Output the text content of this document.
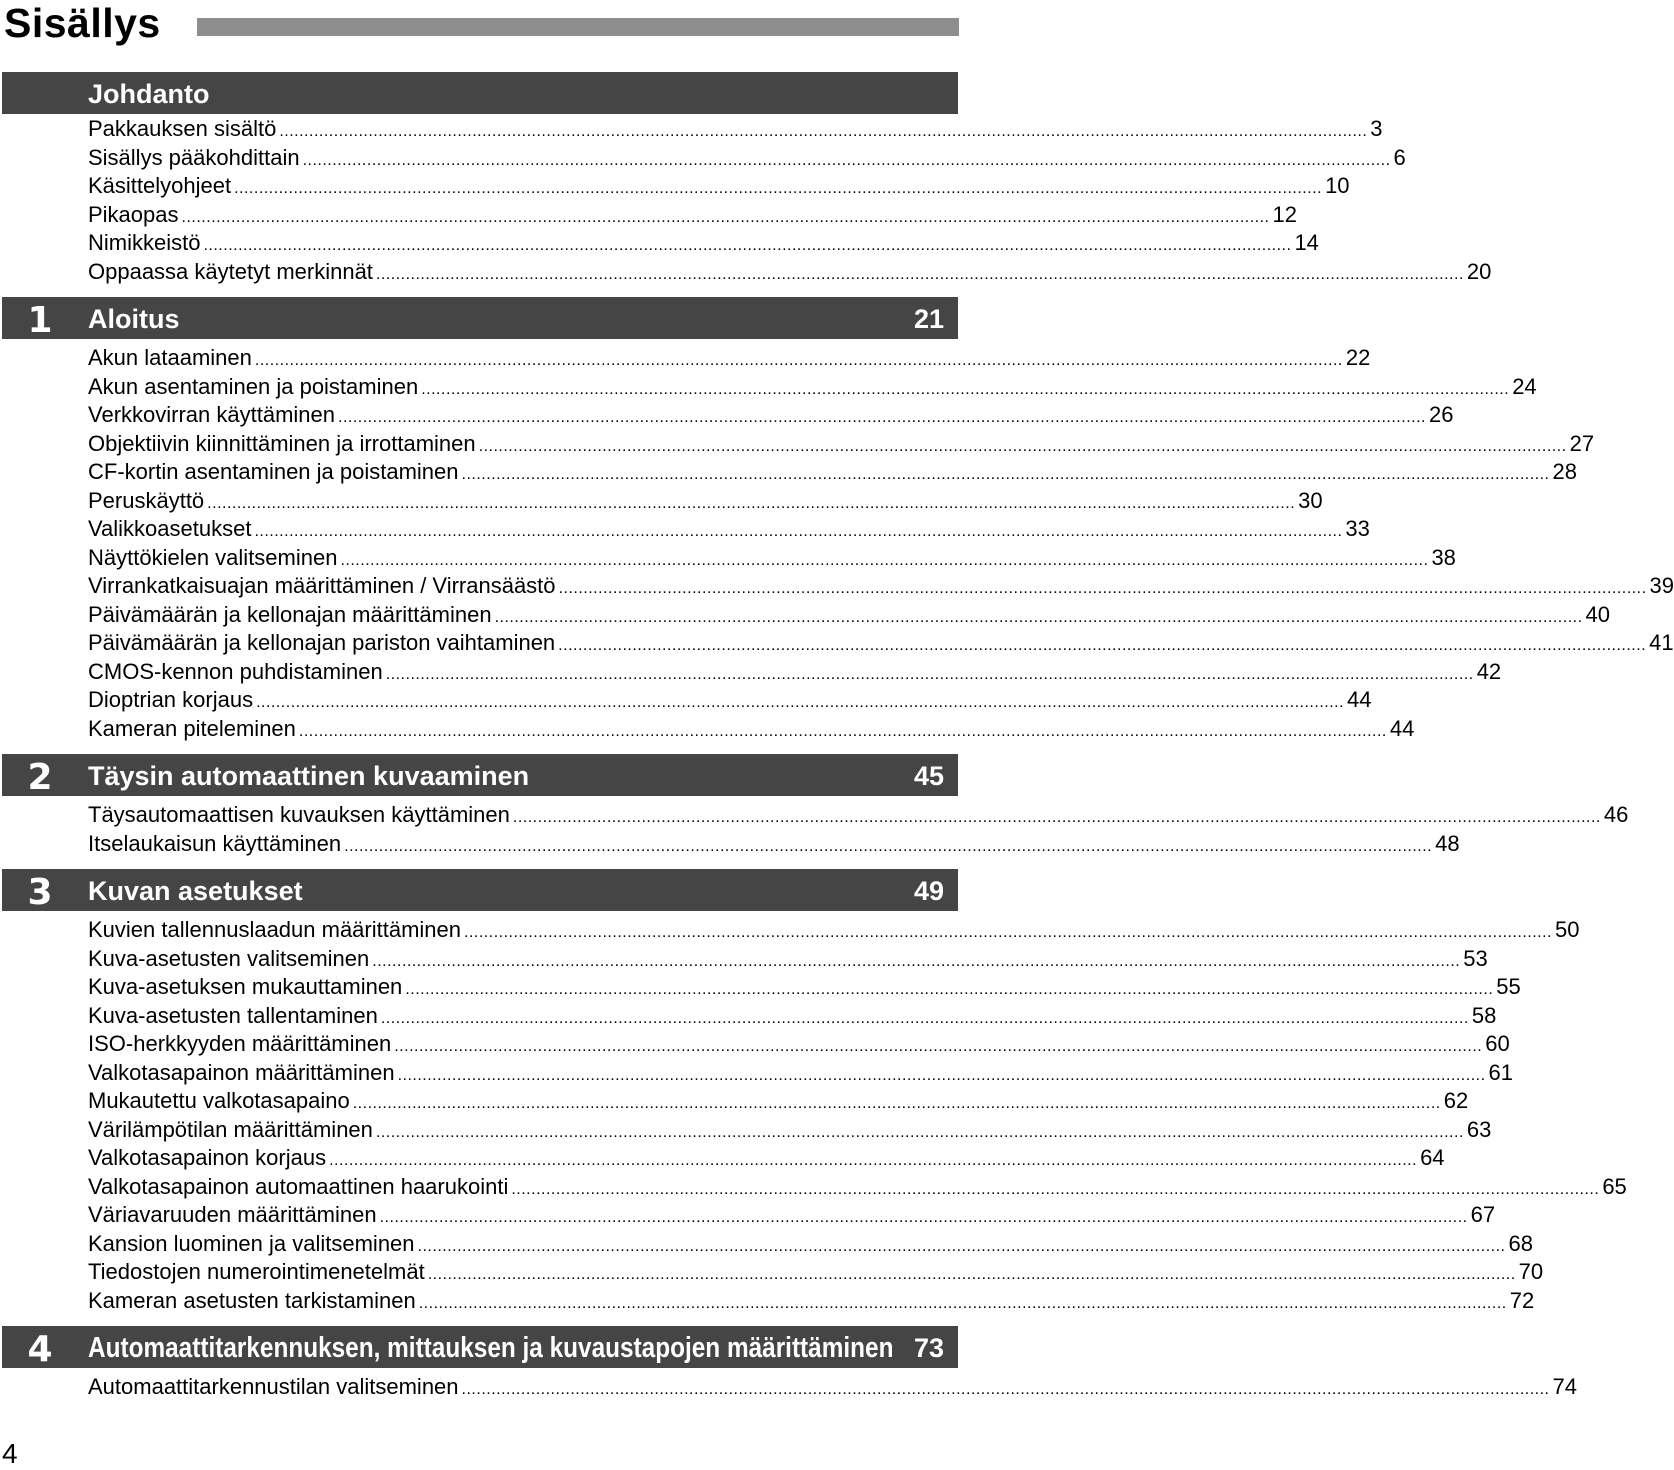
Sisällys
Johdanto
Pakkauksen sisältö ............................................................................................................................................................................................................................ 3
Sisällys pääkohdittain ............................................................................................................................................................................................................................ 6
Käsittelyohjeet ............................................................................................................................................................................................................................ 10
Pikaopas ............................................................................................................................................................................................................................ 12
Nimikkeistö ............................................................................................................................................................................................................................ 14
Oppaassa käytetyt merkinnät ............................................................................................................................................................................................................................ 20
1 Aloitus	21
Akun lataaminen ............................................................................................................................................................................................................................ 22
Akun asentaminen ja poistaminen ............................................................................................................................................................................................................................ 24
Verkkovirran käyttäminen ............................................................................................................................................................................................................................ 26
Objektiivin kiinnittäminen ja irrottaminen ............................................................................................................................................................................................................................ 27
CF-kortin asentaminen ja poistaminen ............................................................................................................................................................................................................................ 28
Peruskäyttö ............................................................................................................................................................................................................................ 30
Valikkoasetukset ............................................................................................................................................................................................................................ 33
Näyttökielen valitseminen ............................................................................................................................................................................................................................ 38
Virrankatkaisuajan määrittäminen / Virransäästö ............................................................................................................................................................................................................................ 39
Päivämäärän ja kellonajan määrittäminen ............................................................................................................................................................................................................................ 40
Päivämäärän ja kellonajan pariston vaihtaminen ............................................................................................................................................................................................................................ 41
CMOS-kennon puhdistaminen ............................................................................................................................................................................................................................ 42
Dioptrian korjaus ............................................................................................................................................................................................................................ 44
Kameran piteleminen ............................................................................................................................................................................................................................ 44
2 Täysin automaattinen kuvaaminen	45
Täysautomaattisen kuvauksen käyttäminen ............................................................................................................................................................................................................................ 46
Itselaukaisun käyttäminen ............................................................................................................................................................................................................................ 48
3 Kuvan asetukset	49
Kuvien tallennuslaadun määrittäminen ............................................................................................................................................................................................................................ 50
Kuva-asetusten valitseminen ............................................................................................................................................................................................................................ 53
Kuva-asetuksen mukauttaminen ............................................................................................................................................................................................................................ 55
Kuva-asetusten tallentaminen ............................................................................................................................................................................................................................ 58
ISO-herkkyyden määrittäminen ............................................................................................................................................................................................................................ 60
Valkotasapainon määrittäminen ............................................................................................................................................................................................................................ 61
Mukautettu valkotasapaino ............................................................................................................................................................................................................................ 62
Värilämpötilan määrittäminen ............................................................................................................................................................................................................................ 63
Valkotasapainon korjaus ............................................................................................................................................................................................................................ 64
Valkotasapainon automaattinen haarukointi ............................................................................................................................................................................................................................ 65
Väriavaruuden määrittäminen ............................................................................................................................................................................................................................ 67
Kansion luominen ja valitseminen ............................................................................................................................................................................................................................ 68
Tiedostojen numerointimenetelmät ............................................................................................................................................................................................................................ 70
Kameran asetusten tarkistaminen ............................................................................................................................................................................................................................ 72
4 Automaattitarkennuksen, mittauksen ja kuvaustapojen määrittäminen 73
Automaattitarkennustilan valitseminen ............................................................................................................................................................................................................................ 74
4
